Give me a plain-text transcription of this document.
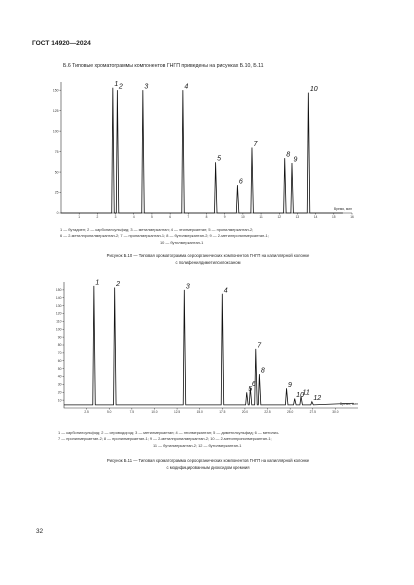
ГОСТ 14920—2024
Б.6 Типовые хроматограммы компонентов ГНГП приведены на рисунках Б.10, Б.11
0
25
50
75
100
125
150
1	2	3	4	5	6	7	8	9	10	11	12	13	14	15	16
1 2	3	4
5
6
7
8
9
10
Время, мин
1 — бутадиен; 2 — карбонилсульфид; 3 — метилмеркаптан; 4 — этилмеркаптан; 5 — пропилмеркаптан-2;
6 — 2-метилпропилмеркаптан-2; 7 — пропилмеркаптан-1; 8 — бутилмеркаптан-2; 9 — 2-метилпропилмеркаптан-1;
10 — бутилмеркаптан-1
Рисунок Б.10 — Типовая хроматограмма сероорганических компонентов ГНГП на капиллярной колонке
с полифенилдиметилсилоксаном
10
20
30
40
50
60
70
80
90
100
110
120
130
140
150
2.5	5.0	7.5	10.0	12.5	15.0	17.5	20.0	22.5	25.0	27.5	30.0
1 2	3
4
5
6
7
8
9
10
11
12
Время, мин
1 — карбонилсульфид; 2 — сероводород; 3 — метилмеркаптан; 4 — этилмеркаптан; 5 — диметилсульфид; 6 — метилиз-
7 — пропилмеркаптан-2; 8 — пропилмеркаптан-1; 9 — 2-метилпропилмеркаптан-2; 10 — 2-метилпропилмеркаптан-1;
11 — бутилмеркаптан-2; 12 — бутилмеркаптан-1
Рисунок Б.11 — Типовая хроматограмма сероорганических компонентов ГНГП на капиллярной колонке
с модифицированным диоксидом кремния
32
